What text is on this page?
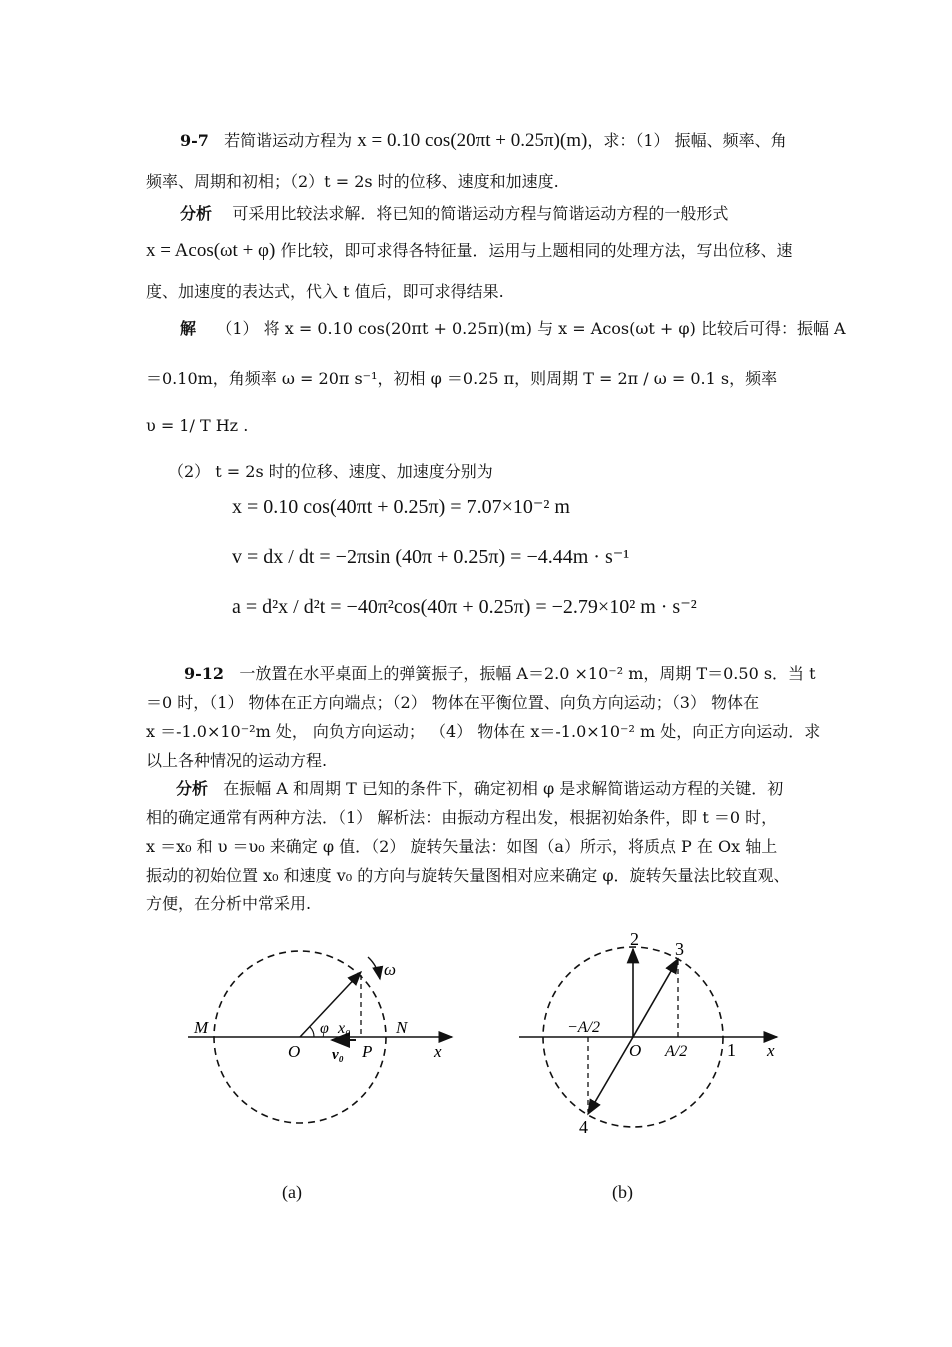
9-7 若简谐运动方程为 x = 0.10 cos(20πt + 0.25π)(m)，求：（1） 振幅、频率、角
频率、周期和初相；（2）t = 2s 时的位移、速度和加速度.
分析 可采用比较法求解．将已知的简谐运动方程与简谐运动方程的一般形式
x = Acos(ωt + φ) 作比较，即可求得各特征量．运用与上题相同的处理方法，写出位移、速
度、加速度的表达式，代入 t 值后，即可求得结果.
解 （1） 将 x = 0.10 cos(20πt + 0.25π)(m) 与 x = Acos(ωt + φ) 比较后可得：振幅 A
＝0.10m，角频率 ω = 20π s⁻¹，初相 φ ＝0.25 π，则周期 T = 2π / ω = 0.1 s，频率
υ = 1/ T Hz .
（2） t = 2s 时的位移、速度、加速度分别为
x = 0.10 cos(40πt + 0.25π) = 7.07×10⁻² m
v = dx / dt = −2πsin (40π + 0.25π) = −4.44m · s⁻¹
a = d²x / d²t = −40π²cos(40π + 0.25π) = −2.79×10² m · s⁻²
9-12 一放置在水平桌面上的弹簧振子，振幅 A＝2.0 ×10⁻² m，周期 T＝0.50 s．当 t
＝0 时，（1） 物体在正方向端点；（2） 物体在平衡位置、向负方向运动；（3） 物体在
x ＝-1.0×10⁻²m 处， 向负方向运动； （4） 物体在 x＝-1.0×10⁻² m 处，向正方向运动．求
以上各种情况的运动方程.
分析 在振幅 A 和周期 T 已知的条件下，确定初相 φ 是求解简谐运动方程的关键．初
相的确定通常有两种方法．（1） 解析法：由振动方程出发，根据初始条件，即 t ＝0 时，
x ＝x₀ 和 υ ＝υ₀ 来确定 φ 值．（2） 旋转矢量法：如图（a）所示，将质点 P 在 Ox 轴上
振动的初始位置 x₀ 和速度 v₀ 的方向与旋转矢量图相对应来确定 φ．旋转矢量法比较直观、
方便，在分析中常采用.
M	N
O	P	x
φ x₀
v₀
ω
(a)
2 3
4
1
−A/2
A/2
O	x
(b)
